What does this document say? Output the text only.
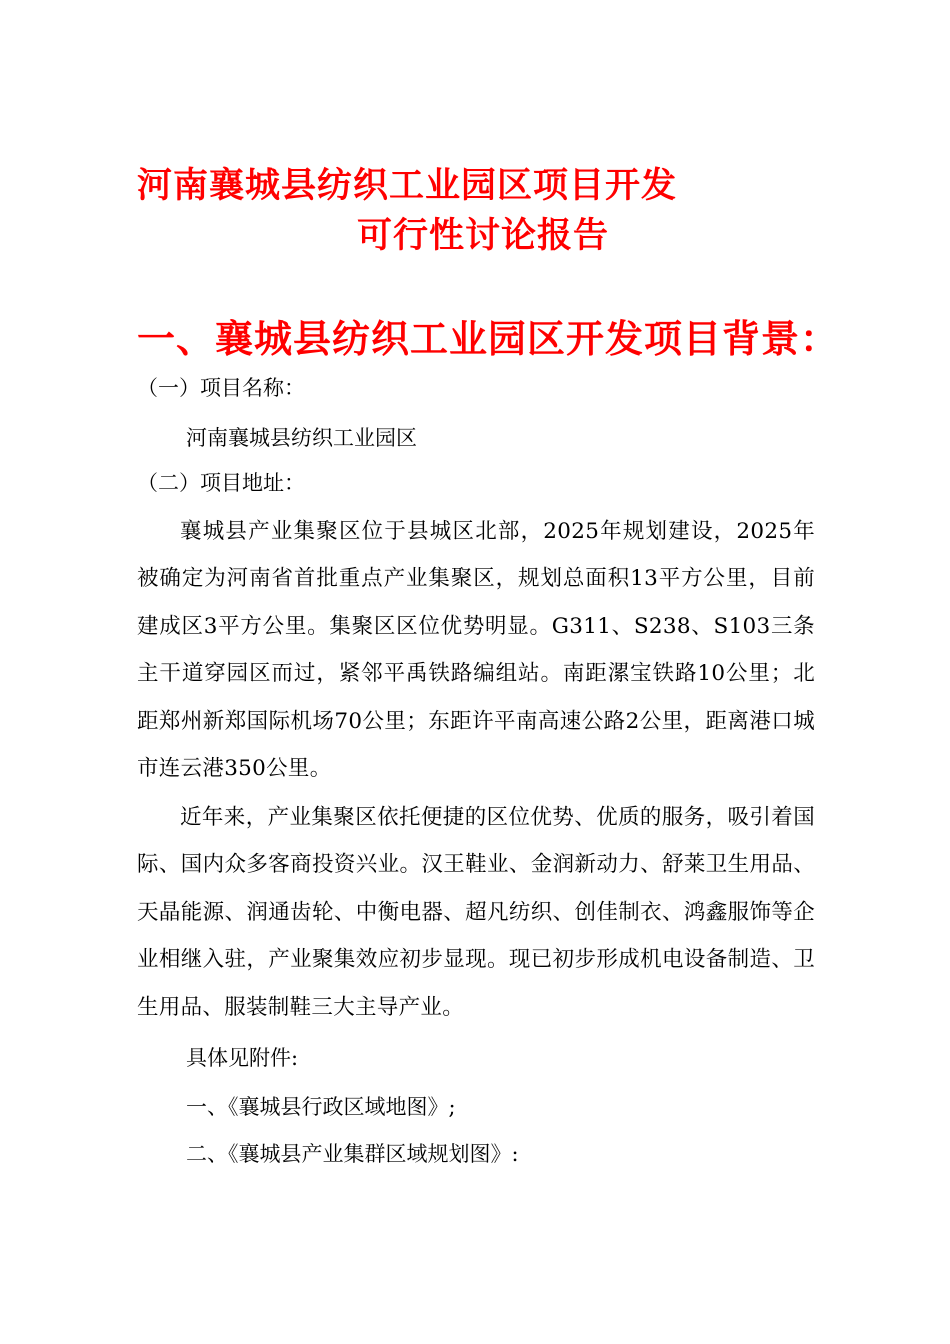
河南襄城县纺织工业园区项目开发
可行性讨论报告
一、襄城县纺织工业园区开发项目背景：
（一）项目名称：
河南襄城县纺织工业园区
（二）项目地址：
襄城县产业集聚区位于县城区北部，2025年规划建设，2025年被确定为河南省首批重点产业集聚区，规划总面积13平方公里，目前建成区3平方公里。集聚区区位优势明显。G311、S238、S103三条主干道穿园区而过，紧邻平禹铁路编组站。南距漯宝铁路10公里；北距郑州新郑国际机场70公里；东距许平南高速公路2公里，距离港口城市连云港350公里。
近年来，产业集聚区依托便捷的区位优势、优质的服务，吸引着国际、国内众多客商投资兴业。汉王鞋业、金润新动力、舒莱卫生用品、天晶能源、润通齿轮、中衡电器、超凡纺织、创佳制衣、鸿鑫服饰等企业相继入驻，产业聚集效应初步显现。现已初步形成机电设备制造、卫生用品、服装制鞋三大主导产业。
具体见附件:
一、《襄城县行政区域地图》;
二、《襄城县产业集群区域规划图》:
